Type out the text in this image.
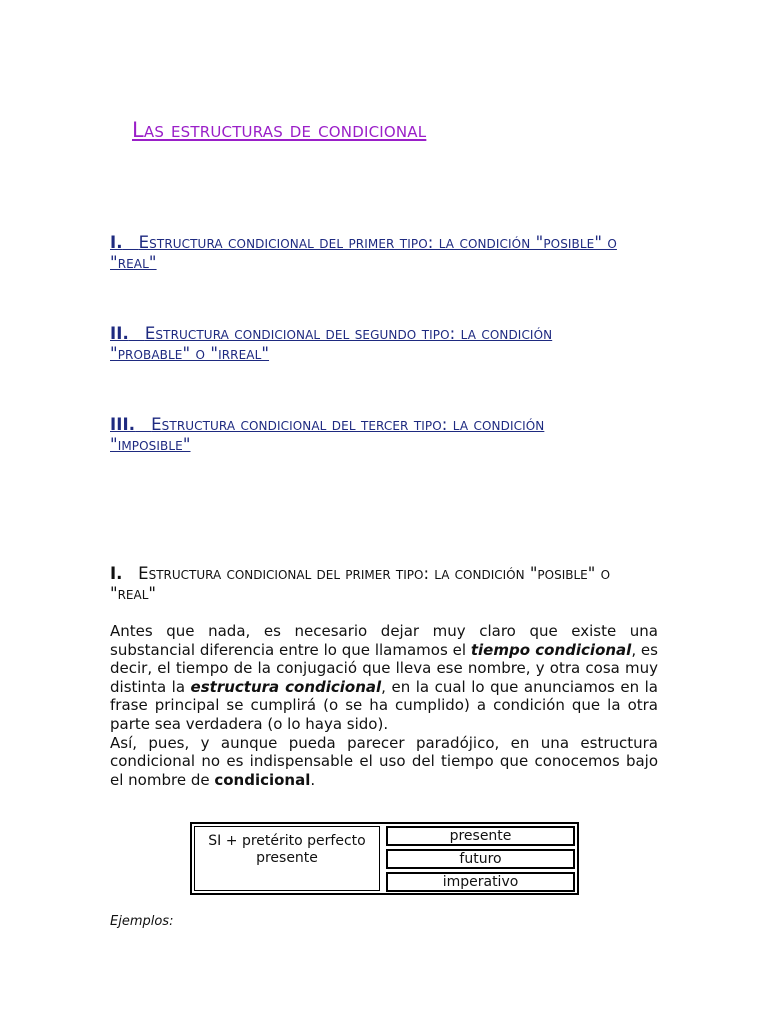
Las estructuras de condicional
I. Estructura condicional del primer tipo: la condición "posible" o "real"
II. Estructura condicional del segundo tipo: la condición "probable" o "irreal"
III. Estructura condicional del tercer tipo: la condición "imposible"
I. Estructura condicional del primer tipo: la condición "posible" o "real"

Antes que nada, es necesario dejar muy claro que existe una substancial diferencia entre lo que llamamos el tiempo condicional, es decir, el tiempo de la conjugació que lleva ese nombre, y otra cosa muy distinta la estructura condicional, en la cual lo que anunciamos en la frase principal se cumplirá (o se ha cumplido) a condición que la otra parte sea verdadera (o lo haya sido).
Así, pues, y aunque pueda parecer paradójico, en una estructura condicional no es indispensable el uso del tiempo que conocemos bajo el nombre de condicional.

SI + pretérito perfecto presente
presente
futuro
imperativo

Ejemplos:
